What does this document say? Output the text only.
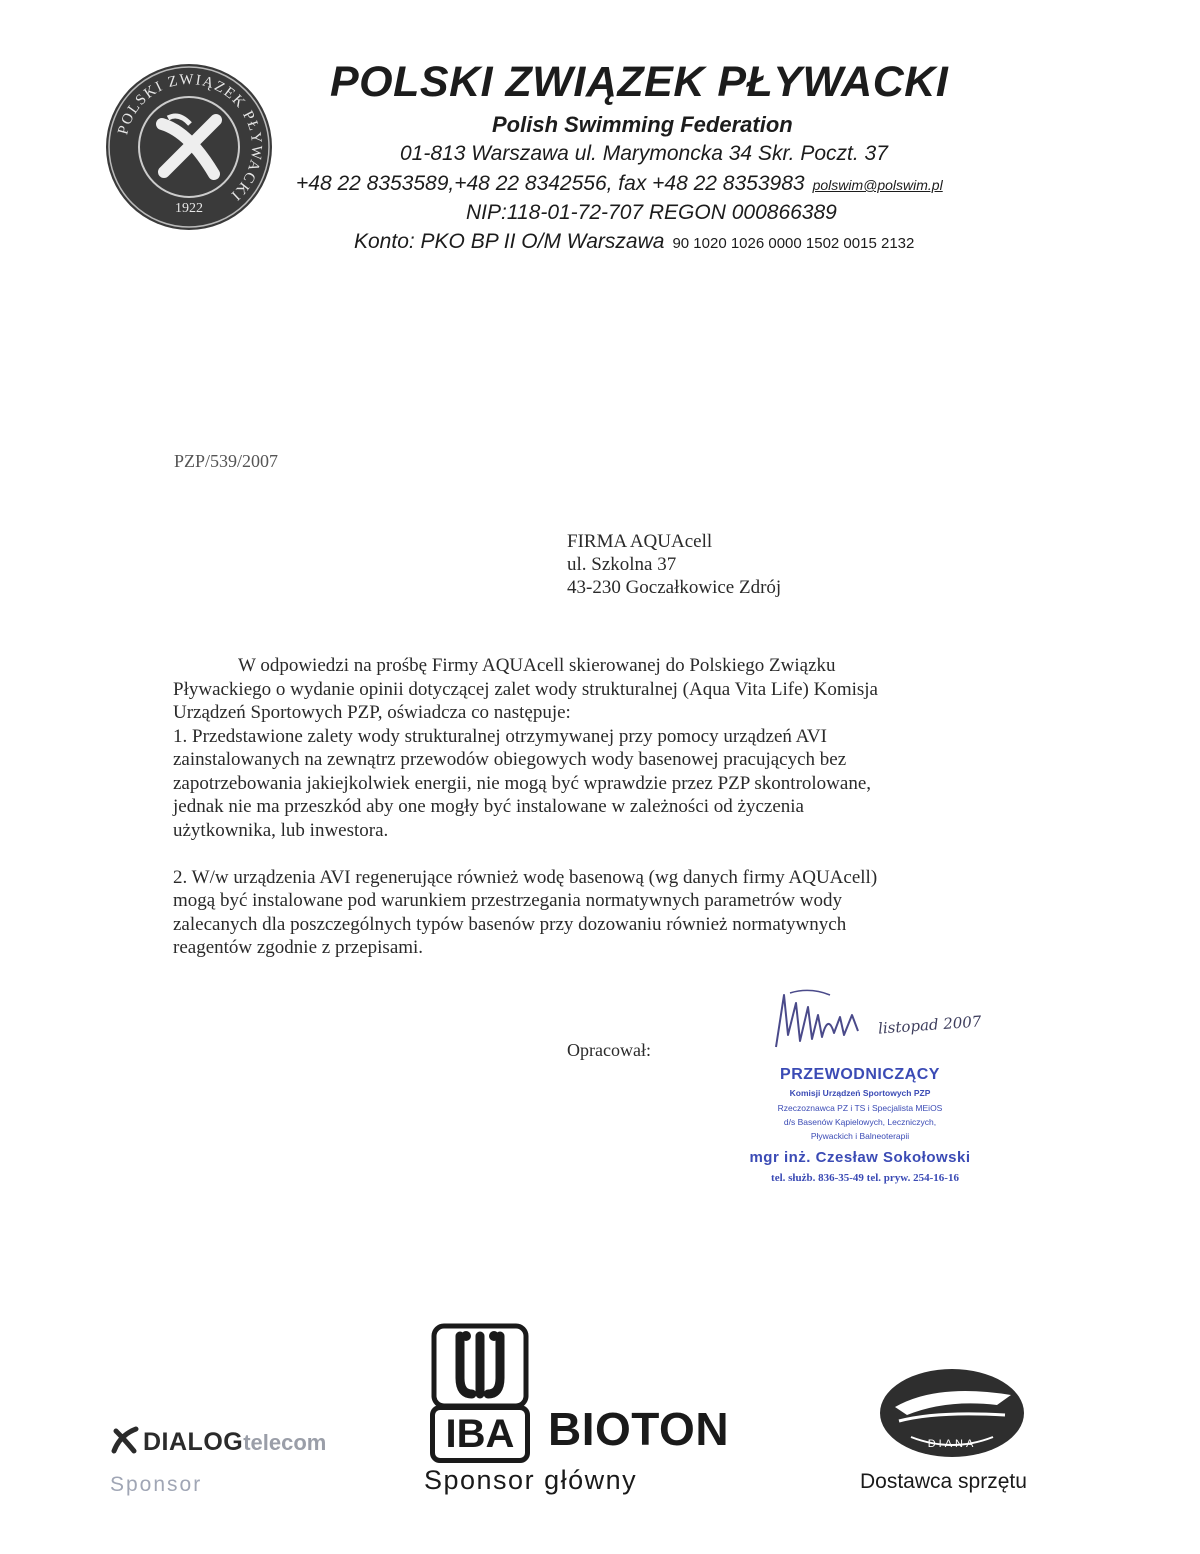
POLSKI ZWIĄZEK PŁYWACKI
1922
POLSKI ZWIĄZEK PŁYWACKI
Polish Swimming Federation
01-813 Warszawa ul. Marymoncka 34 Skr. Poczt. 37
+48 22 8353589,+48 22 8342556, fax +48 22 8353983 polswim@polswim.pl
NIP:118-01-72-707 REGON 000866389
Konto: PKO BP II O/M Warszawa 90 1020 1026 0000 1502 0015 2132
PZP/539/2007
FIRMA AQUAcell
ul. Szkolna 37
43-230 Goczałkowice Zdrój
W odpowiedzi na prośbę Firmy AQUAcell skierowanej do Polskiego Związku
Pływackiego o wydanie opinii dotyczącej zalet wody strukturalnej (Aqua Vita Life) Komisja
Urządzeń Sportowych PZP, oświadcza co następuje:
1. Przedstawione zalety wody strukturalnej otrzymywanej przy pomocy urządzeń AVI
zainstalowanych na zewnątrz przewodów obiegowych wody basenowej pracujących bez
zapotrzebowania jakiejkolwiek energii, nie mogą być wprawdzie przez PZP skontrolowane,
jednak nie ma przeszkód aby one mogły być instalowane w zależności od życzenia
użytkownika, lub inwestora.
2. W/w urządzenia AVI regenerujące również wodę basenową (wg danych firmy AQUAcell)
mogą być instalowane pod warunkiem przestrzegania normatywnych parametrów wody
zalecanych dla poszczególnych typów basenów przy dozowaniu również normatywnych
reagentów zgodnie z przepisami.
Opracował:
listopad 2007
PRZEWODNICZĄCY
Komisji Urządzeń Sportowych PZP
Rzeczoznawca PZ i TS i Specjalista MEiOS
d/s Basenów Kąpielowych, Leczniczych,
Pływackich i Balneoterapii
mgr inż. Czesław Sokołowski
tel. służb. 836-35-49 tel. pryw. 254-16-16
DIALOGtelecom
Sponsor
IBA BIOTON
Sponsor główny
DIANA
Dostawca sprzętu
